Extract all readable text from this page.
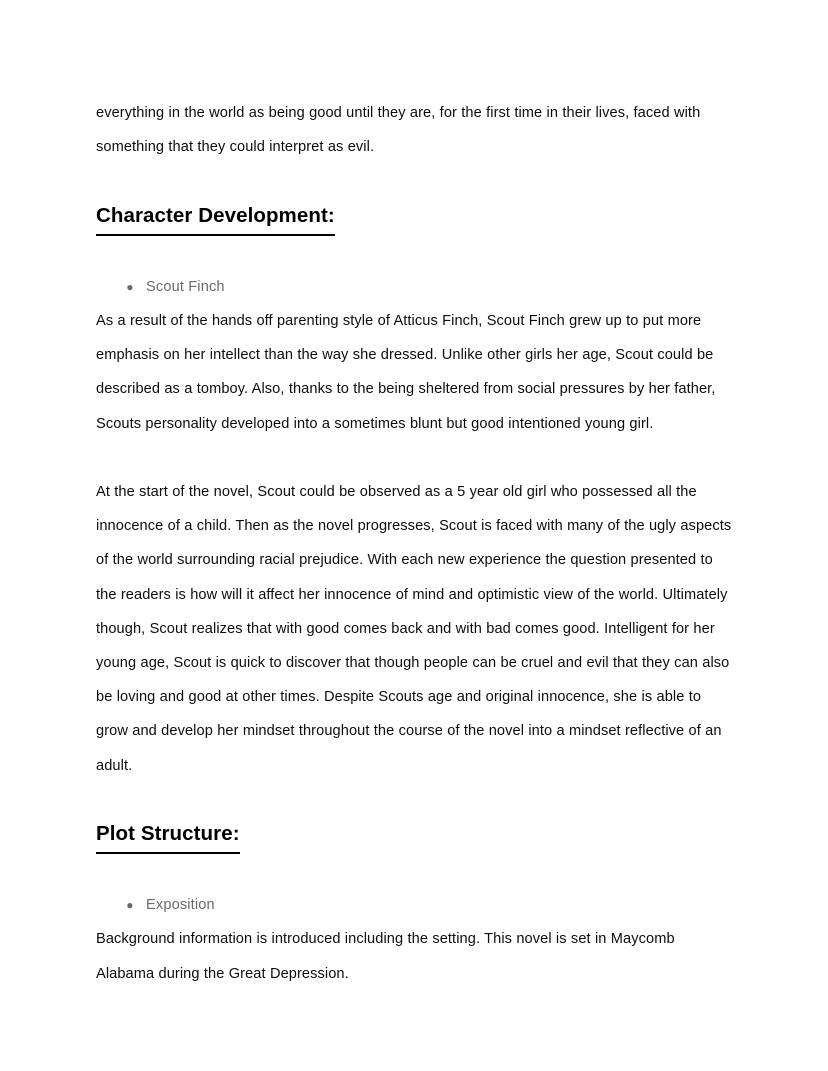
everything in the world as being good until they are, for the first time in their lives, faced with something that they could interpret as evil.

Character Development:
● Scout Finch

As a result of the hands off parenting style of Atticus Finch, Scout Finch grew up to put more emphasis on her intellect than the way she dressed. Unlike other girls her age, Scout could be described as a tomboy. Also, thanks to the being sheltered from social pressures by her father, Scouts personality developed into a sometimes blunt but good intentioned young girl.

At the start of the novel, Scout could be observed as a 5 year old girl who possessed all the innocence of a child. Then as the novel progresses, Scout is faced with many of the ugly aspects of the world surrounding racial prejudice. With each new experience the question presented to the readers is how will it affect her innocence of mind and optimistic view of the world. Ultimately though, Scout realizes that with good comes back and with bad comes good. Intelligent for her young age, Scout is quick to discover that though people can be cruel and evil that they can also be loving and good at other times. Despite Scouts age and original innocence, she is able to grow and develop her mindset throughout the course of the novel into a mindset reflective of an adult.

Plot Structure:
● Exposition

Background information is introduced including the setting. This novel is set in Maycomb Alabama during the Great Depression.
